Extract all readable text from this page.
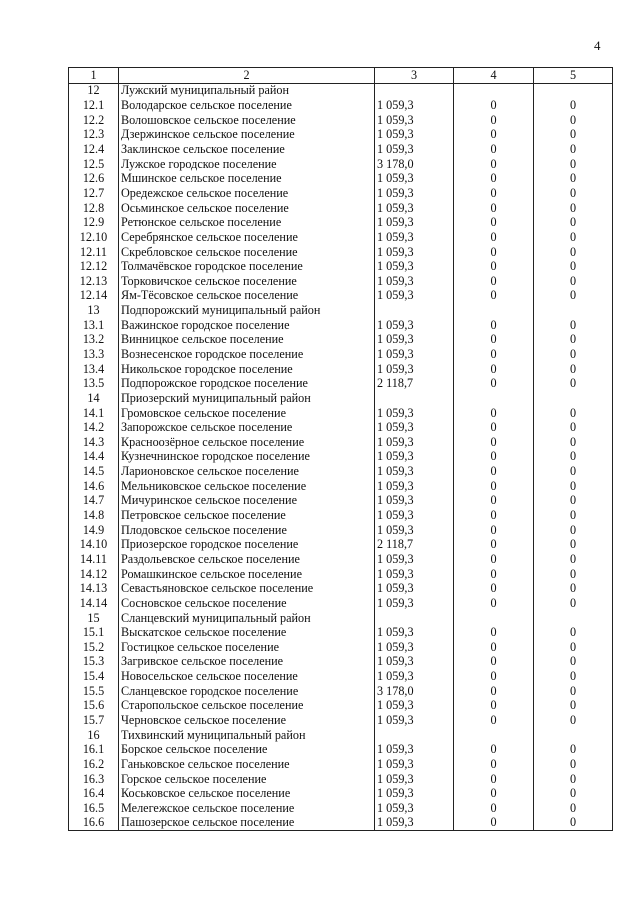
4
1	2	3	4	5
12	Лужский муниципальный район			
12.1	Володарское сельское поселение	1 059,3	0	0
12.2	Волошовское сельское поселение	1 059,3	0	0
12.3	Дзержинское сельское поселение	1 059,3	0	0
12.4	Заклинское сельское поселение	1 059,3	0	0
12.5	Лужское городское поселение	3 178,0	0	0
12.6	Мшинское сельское поселение	1 059,3	0	0
12.7	Оредежское сельское поселение	1 059,3	0	0
12.8	Осьминское сельское поселение	1 059,3	0	0
12.9	Ретюнское сельское поселение	1 059,3	0	0
12.10	Серебрянское сельское поселение	1 059,3	0	0
12.11	Скребловское сельское поселение	1 059,3	0	0
12.12	Толмачёвское городское поселение	1 059,3	0	0
12.13	Торковичское сельское поселение	1 059,3	0	0
12.14	Ям-Тёсовское сельское поселение	1 059,3	0	0
13	Подпорожский муниципальный район			
13.1	Важинское городское поселение	1 059,3	0	0
13.2	Винницкое сельское поселение	1 059,3	0	0
13.3	Вознесенское городское поселение	1 059,3	0	0
13.4	Никольское городское поселение	1 059,3	0	0
13.5	Подпорожское городское поселение	2 118,7	0	0
14	Приозерский муниципальный район			
14.1	Громовское сельское поселение	1 059,3	0	0
14.2	Запорожское сельское поселение	1 059,3	0	0
14.3	Красноозёрное сельское поселение	1 059,3	0	0
14.4	Кузнечнинское городское поселение	1 059,3	0	0
14.5	Ларионовское сельское поселение	1 059,3	0	0
14.6	Мельниковское сельское поселение	1 059,3	0	0
14.7	Мичуринское сельское поселение	1 059,3	0	0
14.8	Петровское сельское поселение	1 059,3	0	0
14.9	Плодовское сельское поселение	1 059,3	0	0
14.10	Приозерское городское поселение	2 118,7	0	0
14.11	Раздольевское сельское поселение	1 059,3	0	0
14.12	Ромашкинское сельское поселение	1 059,3	0	0
14.13	Севастьяновское сельское поселение	1 059,3	0	0
14.14	Сосновское сельское поселение	1 059,3	0	0
15	Сланцевский муниципальный район			
15.1	Выскатское сельское поселение	1 059,3	0	0
15.2	Гостицкое сельское поселение	1 059,3	0	0
15.3	Загривское сельское поселение	1 059,3	0	0
15.4	Новосельское сельское поселение	1 059,3	0	0
15.5	Сланцевское городское поселение	3 178,0	0	0
15.6	Старопольское сельское поселение	1 059,3	0	0
15.7	Черновское сельское поселение	1 059,3	0	0
16	Тихвинский муниципальный район			
16.1	Борское сельское поселение	1 059,3	0	0
16.2	Ганьковское сельское поселение	1 059,3	0	0
16.3	Горское сельское поселение	1 059,3	0	0
16.4	Коськовское сельское поселение	1 059,3	0	0
16.5	Мелегежское сельское поселение	1 059,3	0	0
16.6	Пашозерское сельское поселение	1 059,3	0	0
